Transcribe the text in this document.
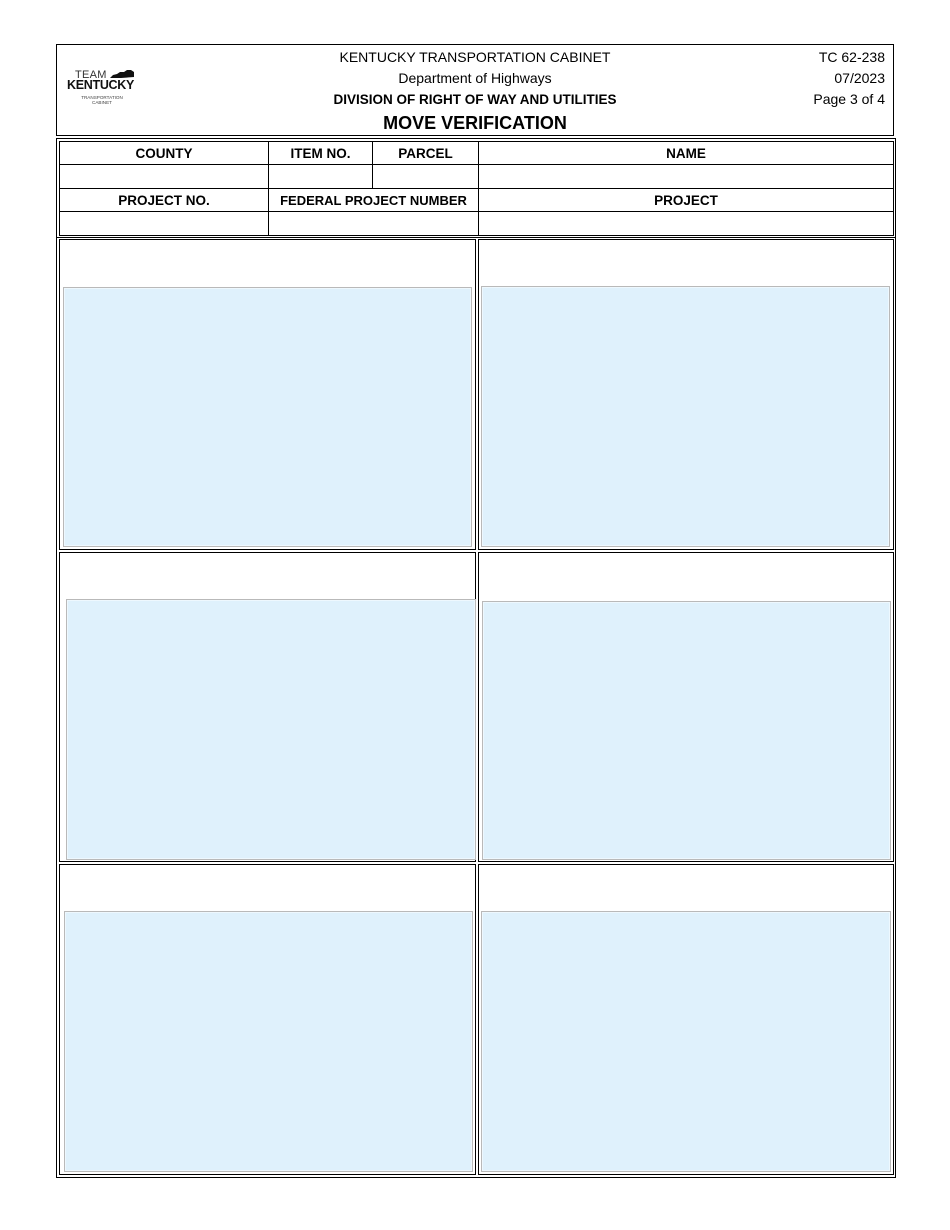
TEAM
KENTUCKY
TRANSPORTATION CABINET
KENTUCKY TRANSPORTATION CABINET
Department of Highways
DIVISION OF RIGHT OF WAY AND UTILITIES
MOVE VERIFICATION
TC 62-238
07/2023
Page 3 of 4
COUNTY	ITEM NO.	PARCEL	NAME

PROJECT NO.	FEDERAL PROJECT NUMBER		PROJECT
